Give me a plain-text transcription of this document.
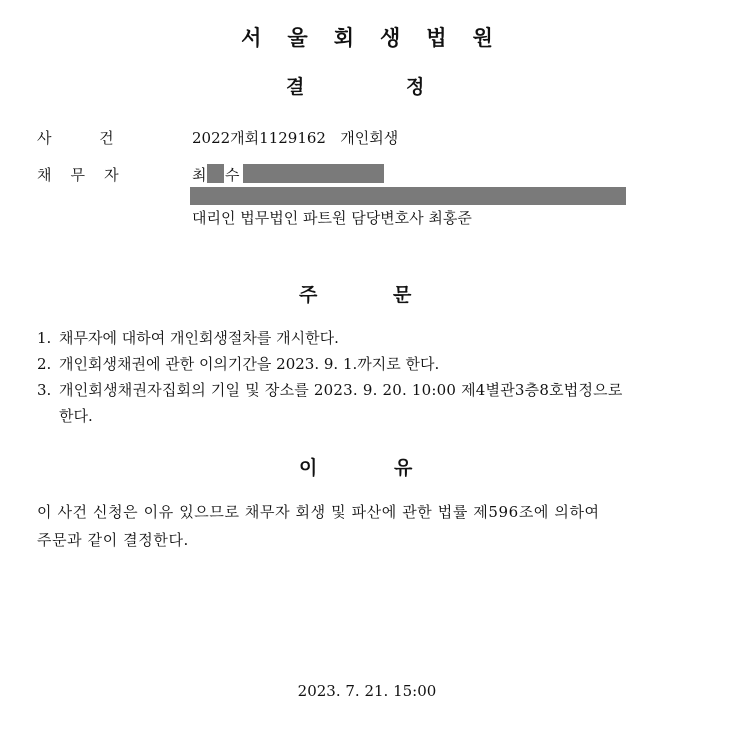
서울회생법원
결	정
사          건	2022개회1129162   개인회생
채    무    자	최 수
대리인 법무법인 파트원 담당변호사 최홍준
주	문
1. 채무자에 대하여 개인회생절차를 개시한다.
2. 개인회생채권에 관한 이의기간을 2023. 9. 1.까지로 한다.
3. 개인회생채권자집회의 기일 및 장소를 2023. 9. 20. 10:00 제4별관3층8호법정으로
한다.
이	유
이 사건 신청은 이유 있으므로 채무자 회생 및 파산에 관한 법률 제596조에 의하여
주문과 같이 결정한다.
2023. 7. 21. 15:00
